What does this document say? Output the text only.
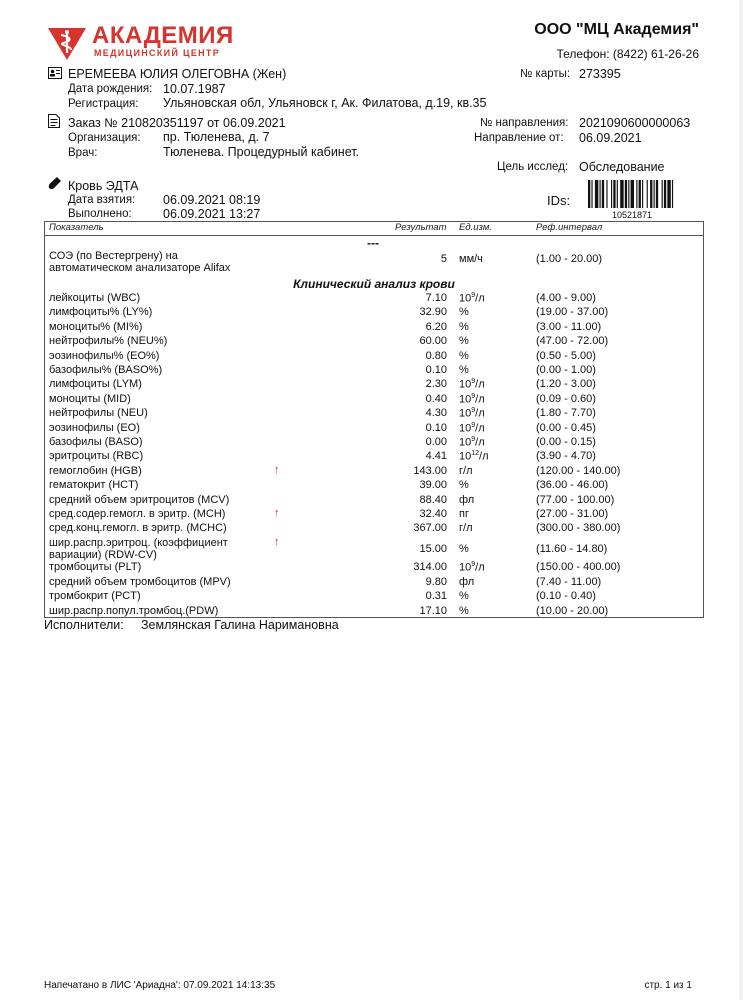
АКАДЕМИЯ
МЕДИЦИНСКИЙ ЦЕНТР
ООО "МЦ Академия"
Телефон: (8422) 61-26-26
ЕРЕМЕЕВА ЮЛИЯ ОЛЕГОВНА (Жен)	№ карты: 273395
Дата рождения: 10.07.1987
Регистрация: Ульяновская обл, Ульяновск г, Ак. Филатова, д.19, кв.35
Заказ № 210820351197 от 06.09.2021	№ направления: 2021090600000063
Организация: пр. Тюленева, д. 7	Направление от: 06.09.2021
Врач:	Тюленева. Процедурный кабинет.
Цель исслед: Обследование
Кровь ЭДТА
Дата взятия: 06.09.2021 08:19
Выполнено:	06.09.2021 13:27
IDs:
10521871
Показатель	Результат Ед.изм.	Реф.интервал
---
СОЭ (по Вестергрену) на
автоматическом анализаторе Alifax
5 мм/ч	(1.00 - 20.00)
Клинический анализ крови
лейкоциты (WBC)	7.10 $10^9/л$	(4.00 - 9.00)
лимфоциты% (LY%)	32.90 %	(19.00 - 37.00)
моноциты% (MI%)	6.20 %	(3.00 - 11.00)
нейтрофилы% (NEU%)	60.00 %	(47.00 - 72.00)
эозинофилы% (EO%)	0.80 %	(0.50 - 5.00)
базофилы% (BASO%)	0.10 %	(0.00 - 1.00)
лимфоциты (LYM)	2.30 $10^9/л$	(1.20 - 3.00)
моноциты (MID)	0.40 $10^9/л$	(0.09 - 0.60)
нейтрофилы (NEU)	4.30 $10^9/л$	(1.80 - 7.70)
эозинофилы (EO)	0.10 $10^9/л$	(0.00 - 0.45)
базофилы (BASO)	0.00 $10^9/л$	(0.00 - 0.15)
эритроциты (RBC)	4.41 $10^{12}/л$	(3.90 - 4.70)
гемоглобин (HGB)	143.00 г/л	(120.00 - 140.00)
↑
гематокрит (HCT)	39.00 %	(36.00 - 46.00)
средний объем эритроцитов (MCV)	88.40 фл	(77.00 - 100.00)
сред.содер.гемогл. в эритр. (MCH)	32.40 пг	(27.00 - 31.00)
↑
сред.конц.гемогл. в эритр. (MCHC)	367.00 г/л	(300.00 - 380.00)
шир.распр.эритроц. (коэффициент
вариации) (RDW-CV)	15.00 %	(11.60 - 14.80)
↑
тромбоциты (PLT)	314.00 $10^9/л$	(150.00 - 400.00)
средний объем тромбоцитов (MPV)	9.80 фл	(7.40 - 11.00)
тромбокрит (PCT)	0.31 %	(0.10 - 0.40)
шир.распр.попул.тромбоц.(PDW)	17.10 %	(10.00 - 20.00)
Исполнители: Землянская Галина Наримановна
Напечатано в ЛИС 'Ариадна': 07.09.2021 14:13:35	стр. 1 из 1
